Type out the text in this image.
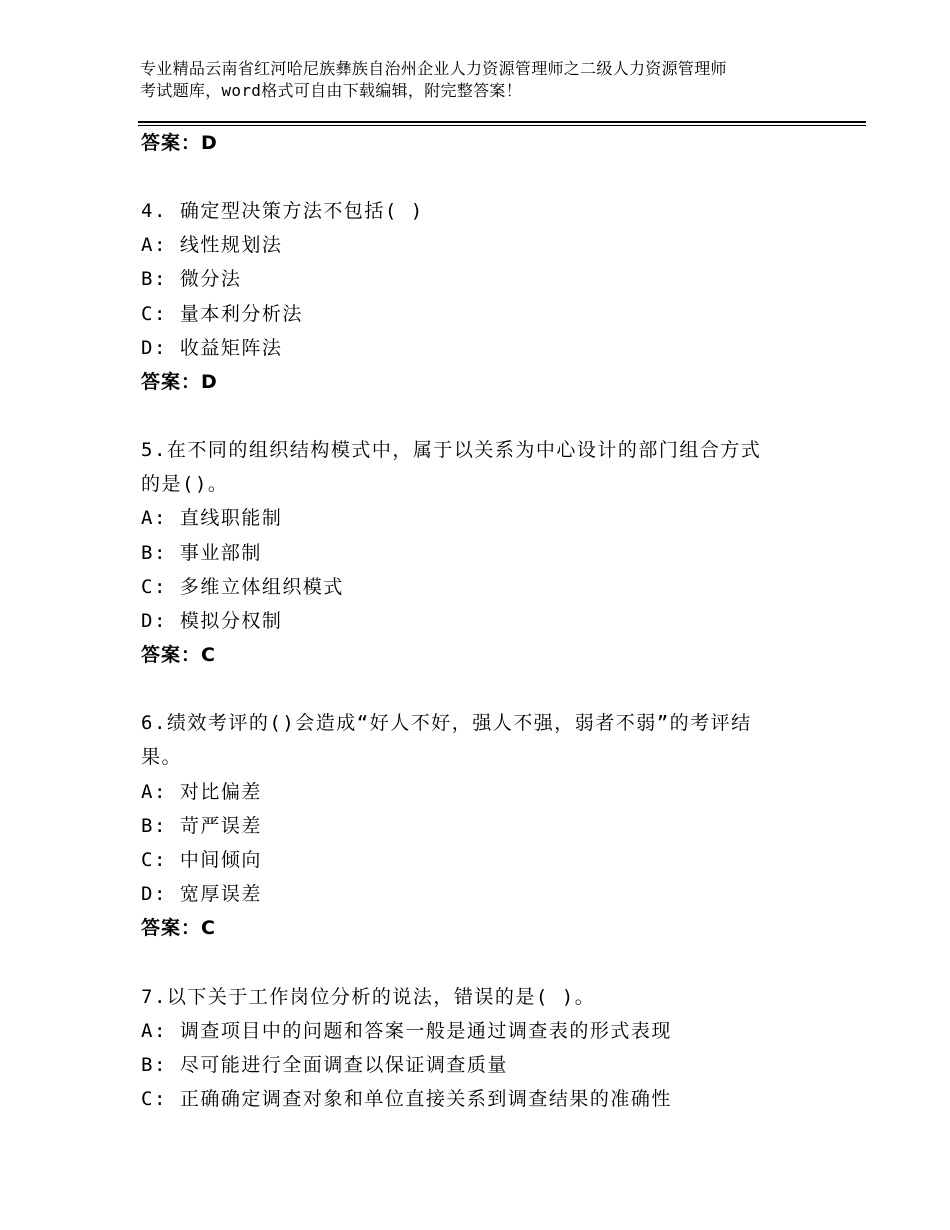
专业精品云南省红河哈尼族彝族自治州企业人力资源管理师之二级人力资源管理师
考试题库，word格式可自由下载编辑，附完整答案！
答案：D
4. 确定型决策方法不包括( )
A: 线性规划法
B: 微分法
C: 量本利分析法
D: 收益矩阵法
答案：D
5.在不同的组织结构模式中，属于以关系为中心设计的部门组合方式
的是()。
A: 直线职能制
B: 事业部制
C: 多维立体组织模式
D: 模拟分权制
答案：C
6.绩效考评的()会造成“好人不好，强人不强，弱者不弱”的考评结
果。
A: 对比偏差
B: 苛严误差
C: 中间倾向
D: 宽厚误差
答案：C
7.以下关于工作岗位分析的说法，错误的是( )。
A: 调查项目中的问题和答案一般是通过调查表的形式表现
B: 尽可能进行全面调查以保证调查质量
C: 正确确定调查对象和单位直接关系到调查结果的准确性
